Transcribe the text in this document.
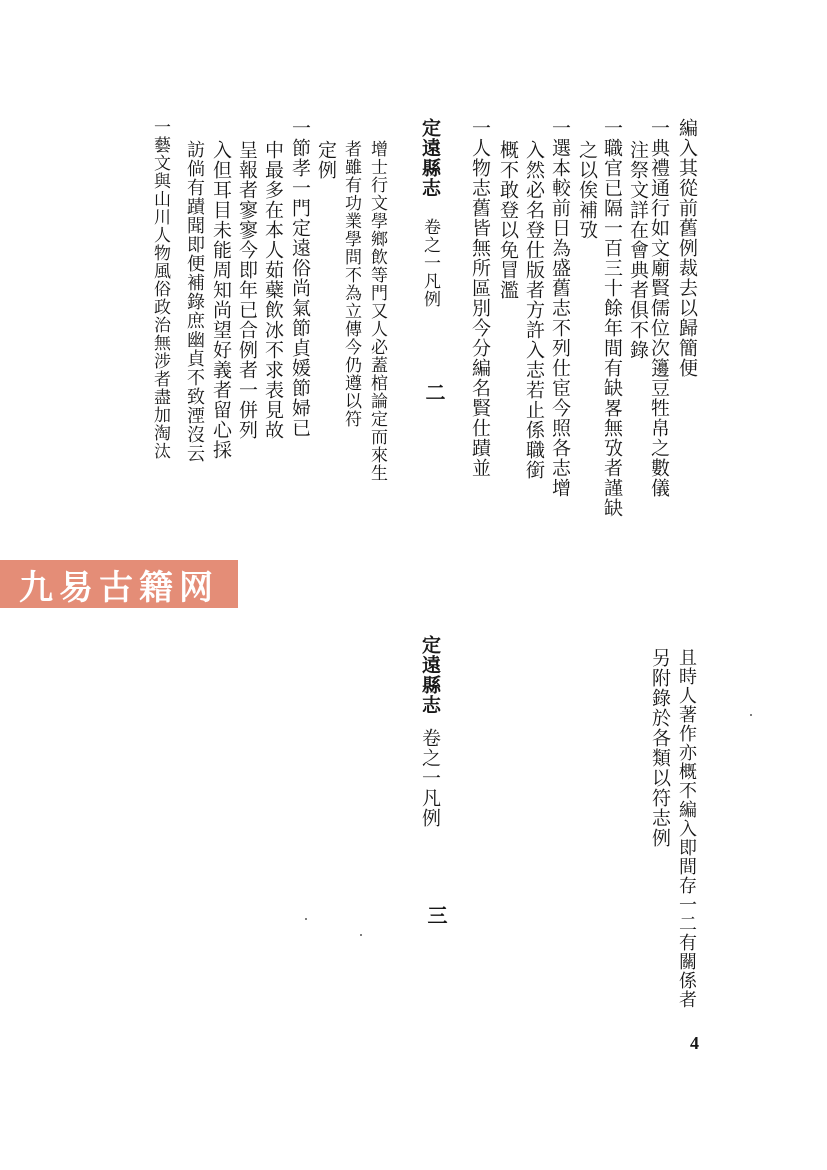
編入其從前舊例裁去以歸簡便
一典禮通行如文廟賢儒位次籩豆牲帛之數儀
注祭文詳在會典者俱不錄
一職官已隔一百三十餘年間有缺畧無攷者謹缺
之以俟補攷
一選本較前日為盛舊志不列仕宦今照各志增
入然必名登仕版者方許入志若止係職銜
概不敢登以免冒濫
一人物志舊皆無所區別今分編名賢仕蹟並
定遠縣志
卷之一凡例
二
增士行文學鄉飲等門又人必蓋棺論定而來生
者雖有功業學問不為立傳今仍遵以符
定例
一節孝一門定遠俗尚氣節貞媛節婦已
中最多在本人茹蘗飲冰不求表見故
呈報者寥寥今即年已合例者一併列
入但耳目未能周知尚望好義者留心採
訪倘有蹟聞即便補錄庶幽貞不致湮沒云
一藝文與山川人物風俗政治無涉者盡加淘汰
九易古籍网
且時人著作亦概不編入即間存一二有關係者
另附錄於各類以符志例
定遠縣志
卷之一凡例
三
4
